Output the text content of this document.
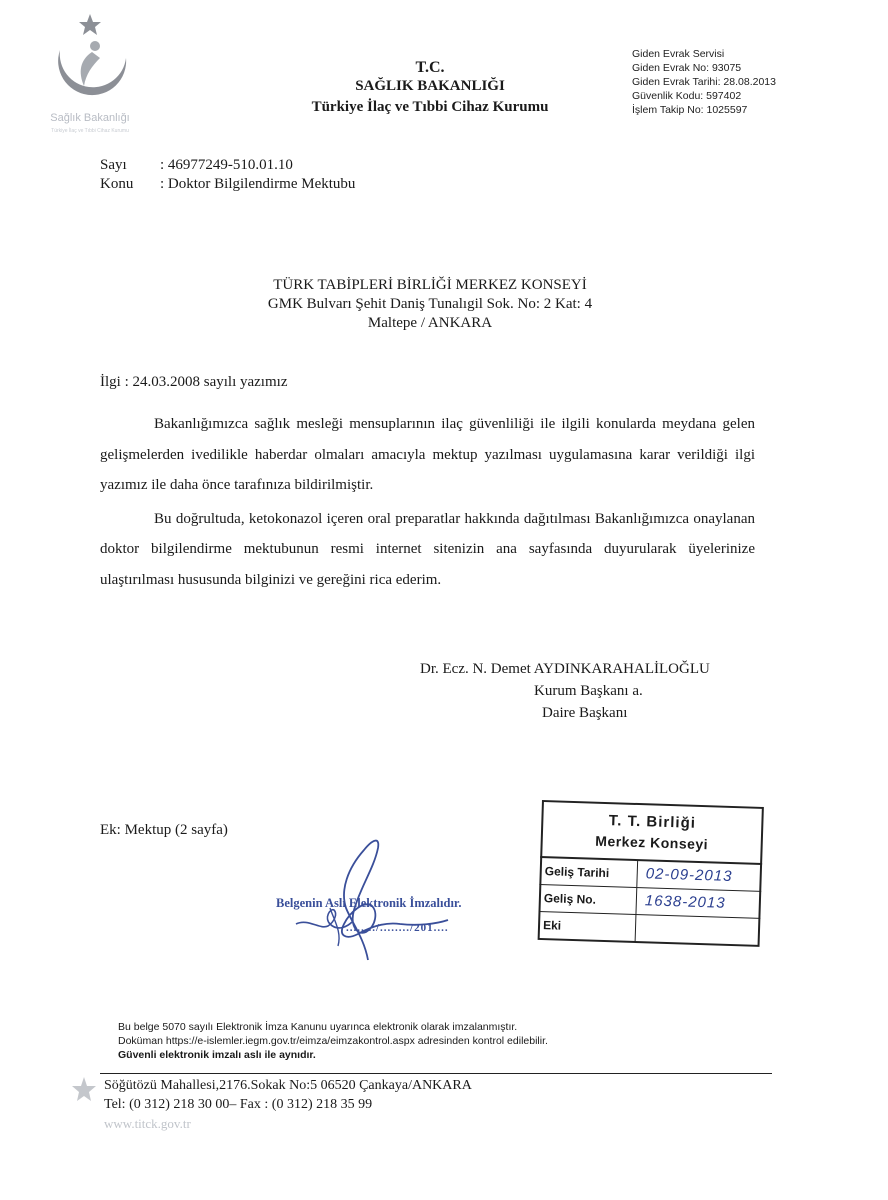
Sağlık Bakanlığı
Türkiye İlaç ve Tıbbi Cihaz Kurumu
T.C.
SAĞLIK BAKANLIĞI
Türkiye İlaç ve Tıbbi Cihaz Kurumu
Giden Evrak Servisi
Giden Evrak No: 93075
Giden Evrak Tarihi: 28.08.2013
Güvenlik Kodu: 597402
İşlem Takip No: 1025597
Sayı	: 46977249-510.01.10
Konu	: Doktor Bilgilendirme Mektubu
TÜRK TABİPLERİ BİRLİĞİ MERKEZ KONSEYİ
GMK Bulvarı Şehit Daniş Tunalıgil Sok. No: 2 Kat: 4
Maltepe / ANKARA
İlgi : 24.03.2008 sayılı yazımız

Bakanlığımızca sağlık mesleği mensuplarının ilaç güvenliliği ile ilgili konularda meydana gelen gelişmelerden ivedilikle haberdar olmaları amacıyla mektup yazılması uygulamasına karar verildiği ilgi yazımız ile daha önce tarafınıza bildirilmiştir.

Bu doğrultuda, ketokonazol içeren oral preparatlar hakkında dağıtılması Bakanlığımızca onaylanan doktor bilgilendirme mektubunun resmi internet sitenizin ana sayfasında duyurularak üyelerinize ulaştırılması hususunda bilginizi ve gereğini rica ederim.

Dr. Ecz. N. Demet AYDINKARAHALİLOĞLU
Kurum Başkanı a.
Daire Başkanı
Ek: Mektup (2 sayfa)
Belgenin Aslı Elektronik İmzalıdır.
......../......../201....
T. T. Birliği
Merkez Konseyi
Geliş Tarihi	02-09-2013
Geliş No.	1638-2013
Eki
Bu belge 5070 sayılı Elektronik İmza Kanunu uyarınca elektronik olarak imzalanmıştır.
Doküman https://e-islemler.iegm.gov.tr/eimza/eimzakontrol.aspx adresinden kontrol edilebilir.
Güvenli elektronik imzalı aslı ile aynıdır.
Söğütözü Mahallesi,2176.Sokak No:5 06520 Çankaya/ANKARA
Tel: (0 312) 218 30 00– Fax : (0 312) 218 35 99
www.titck.gov.tr
